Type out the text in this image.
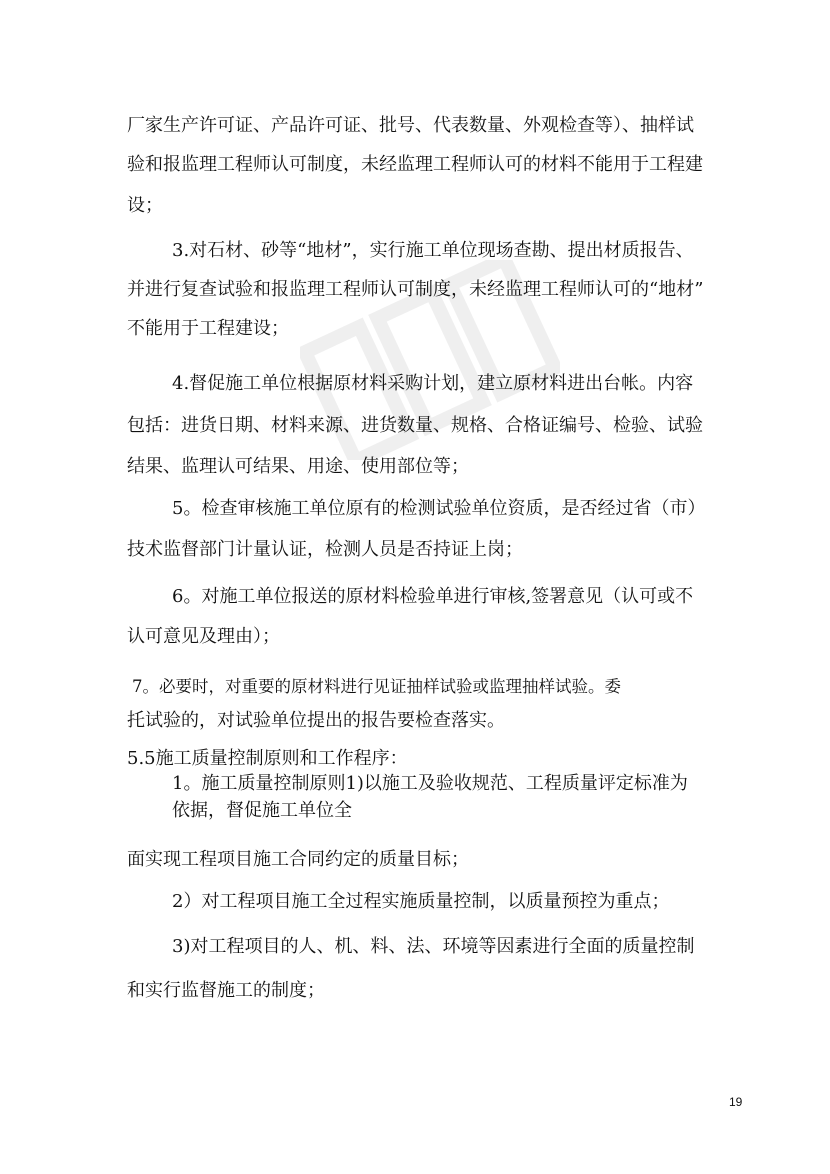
厂家生产许可证、产品许可证、批号、代表数量、外观检查等）、抽样试
验和报监理工程师认可制度，未经监理工程师认可的材料不能用于工程建
设；
3.对石材、砂等“地材”，实行施工单位现场查勘、提出材质报告、
并进行复查试验和报监理工程师认可制度，未经监理工程师认可的“地材”
不能用于工程建设；
4.督促施工单位根据原材料采购计划，建立原材料进出台帐。内容
包括：进货日期、材料来源、进货数量、规格、合格证编号、检验、试验
结果、监理认可结果、用途、使用部位等；
5。检查审核施工单位原有的检测试验单位资质，是否经过省（市）
技术监督部门计量认证，检测人员是否持证上岗；
6。对施工单位报送的原材料检验单进行审核,签署意见（认可或不
认可意见及理由）；
7。必要时，对重要的原材料进行见证抽样试验或监理抽样试验。委
托试验的，对试验单位提出的报告要检查落实。
5.5施工质量控制原则和工作程序：
1。施工质量控制原则1)以施工及验收规范、工程质量评定标准为
依据，督促施工单位全
面实现工程项目施工合同约定的质量目标；
2）对工程项目施工全过程实施质量控制，以质量预控为重点；
3)对工程项目的人、机、料、法、环境等因素进行全面的质量控制
和实行监督施工的制度；
19
